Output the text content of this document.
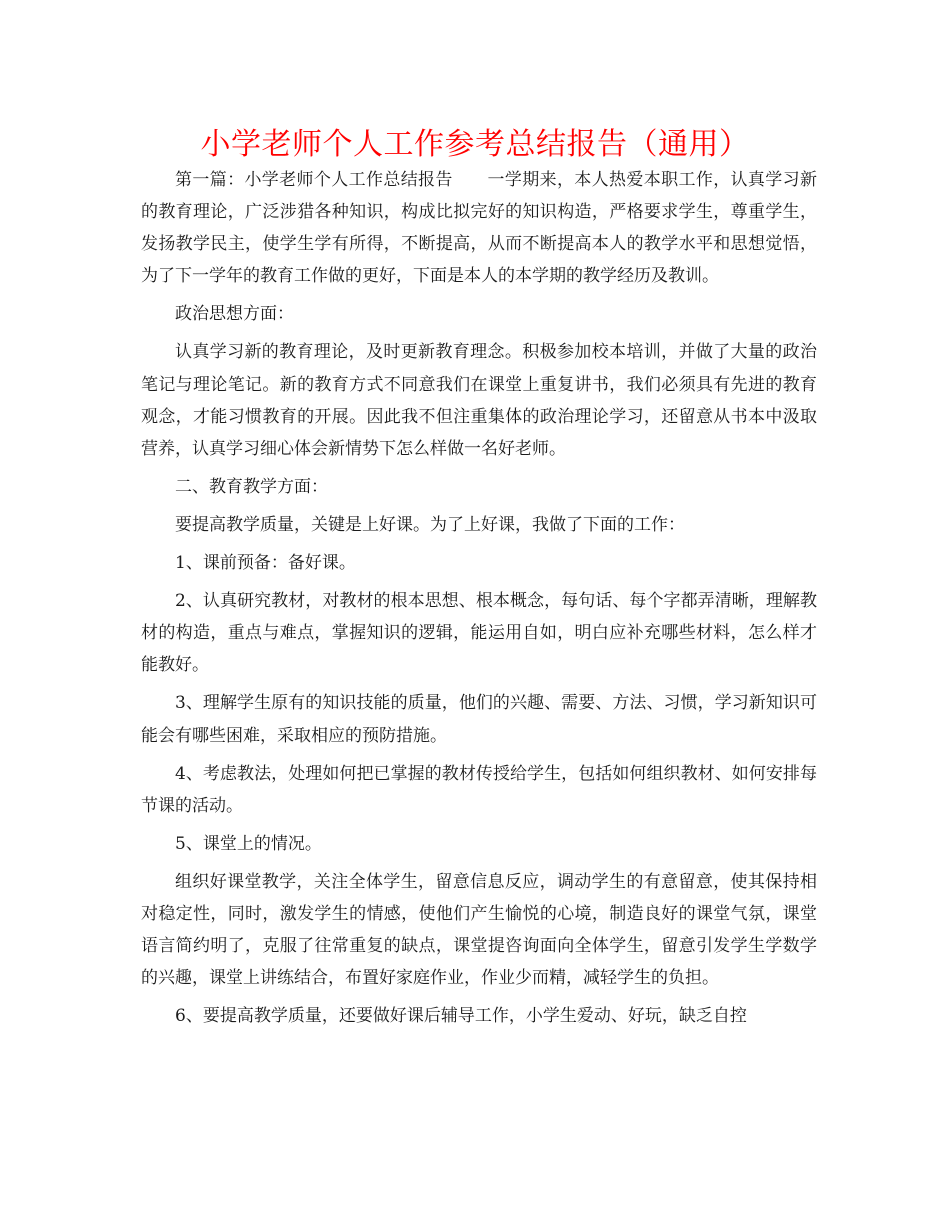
小学老师个人工作参考总结报告（通用）

第一篇：小学老师个人工作总结报告　　一学期来，本人热爱本职工作，认真学习新的教育理论，广泛涉猎各种知识，构成比拟完好的知识构造，严格要求学生，尊重学生，发扬教学民主，使学生学有所得，不断提高，从而不断提高本人的教学水平和思想觉悟，为了下一学年的教育工作做的更好，下面是本人的本学期的教学经历及教训。

政治思想方面：

认真学习新的教育理论，及时更新教育理念。积极参加校本培训，并做了大量的政治笔记与理论笔记。新的教育方式不同意我们在课堂上重复讲书，我们必须具有先进的教育观念，才能习惯教育的开展。因此我不但注重集体的政治理论学习，还留意从书本中汲取营养，认真学习细心体会新情势下怎么样做一名好老师。

二、教育教学方面：

要提高教学质量，关键是上好课。为了上好课，我做了下面的工作：

1、课前预备：备好课。

2、认真研究教材，对教材的根本思想、根本概念，每句话、每个字都弄清晰，理解教材的构造，重点与难点，掌握知识的逻辑，能运用自如，明白应补充哪些材料，怎么样才能教好。

3、理解学生原有的知识技能的质量，他们的兴趣、需要、方法、习惯，学习新知识可能会有哪些困难，采取相应的预防措施。

4、考虑教法，处理如何把已掌握的教材传授给学生，包括如何组织教材、如何安排每节课的活动。

5、课堂上的情况。

组织好课堂教学，关注全体学生，留意信息反应，调动学生的有意留意，使其保持相对稳定性，同时，激发学生的情感，使他们产生愉悦的心境，制造良好的课堂气氛，课堂语言简约明了，克服了往常重复的缺点，课堂提咨询面向全体学生，留意引发学生学数学的兴趣，课堂上讲练结合，布置好家庭作业，作业少而精，减轻学生的负担。

6、要提高教学质量，还要做好课后辅导工作，小学生爱动、好玩，缺乏自控
